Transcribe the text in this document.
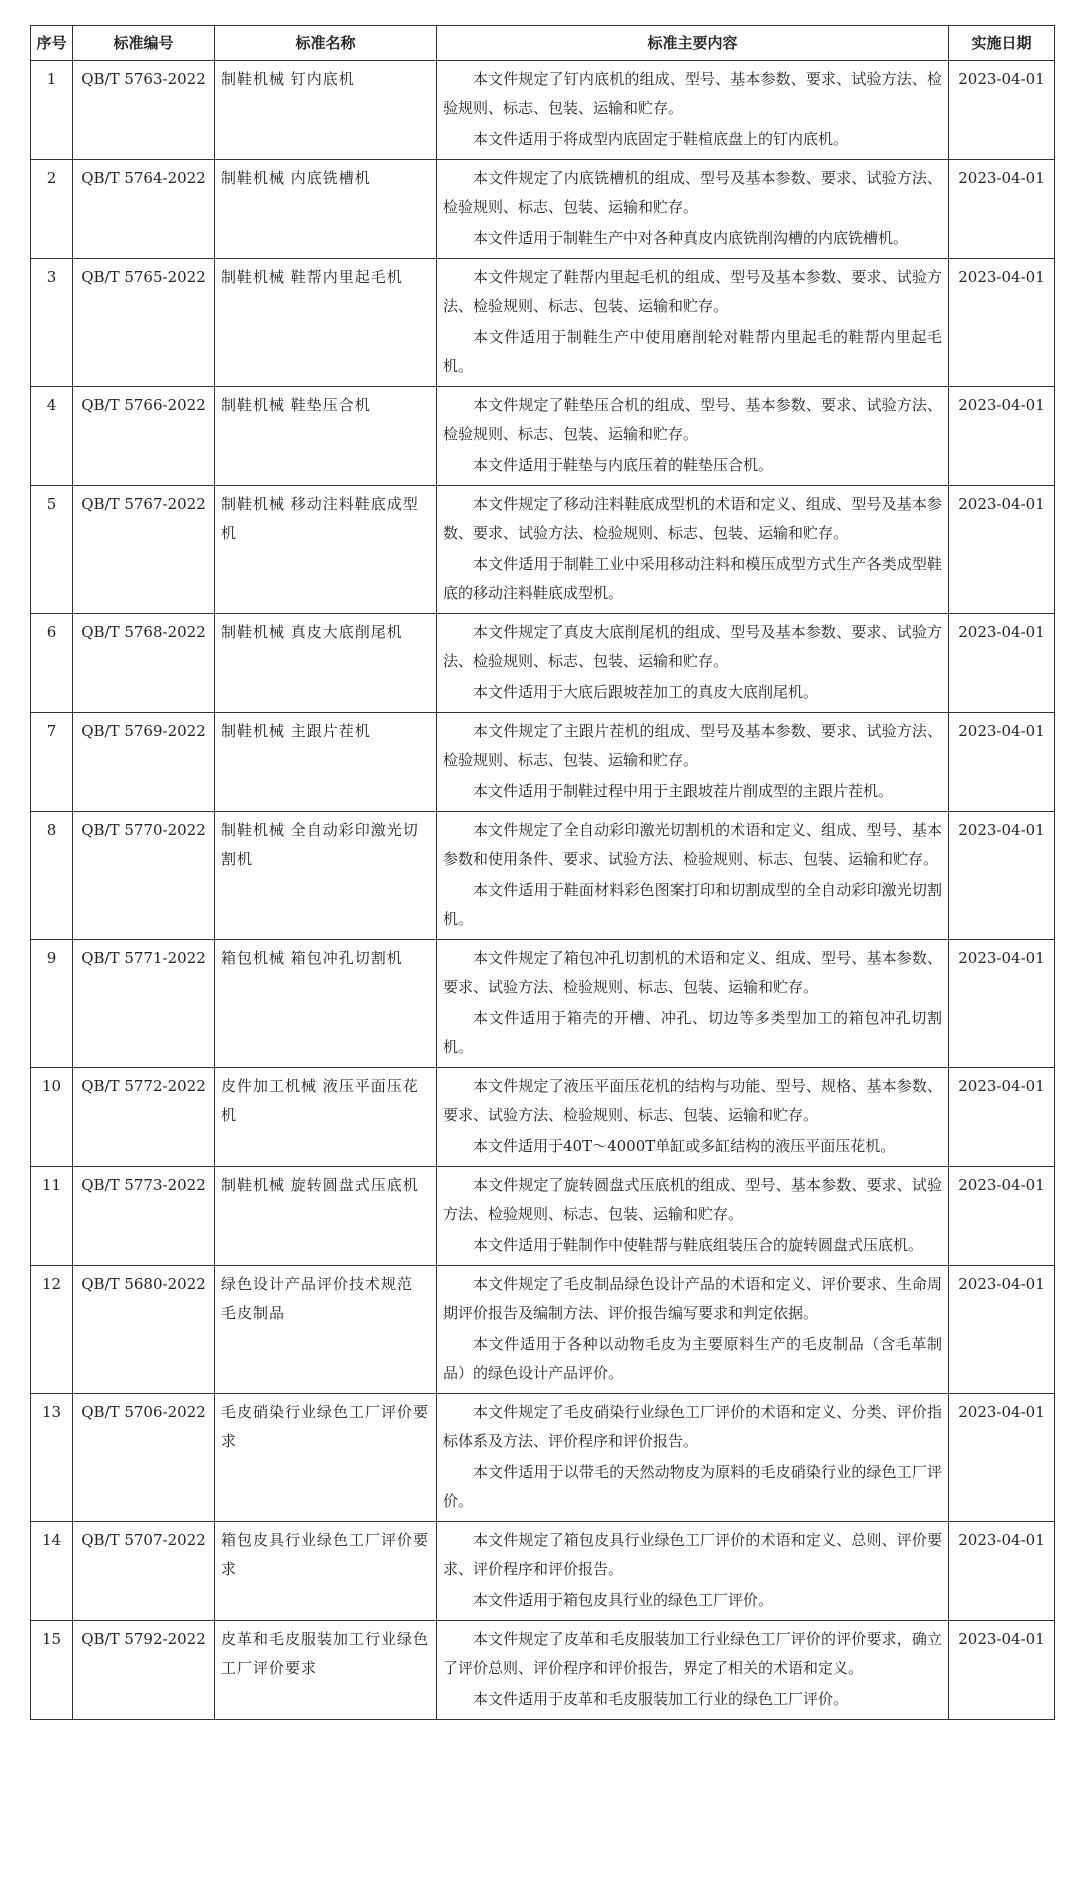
序号	标准编号	标准名称	标准主要内容	实施日期
1	QB/T 5763-2022	制鞋机械 钉内底机	本文件规定了钉内底机的组成、型号、基本参数、要求、试验方法、检验规则、标志、包装、运输和贮存。
本文件适用于将成型内底固定于鞋楦底盘上的钉内底机。	2023-04-01
2	QB/T 5764-2022	制鞋机械 内底铣槽机	本文件规定了内底铣槽机的组成、型号及基本参数、要求、试验方法、检验规则、标志、包装、运输和贮存。
本文件适用于制鞋生产中对各种真皮内底铣削沟槽的内底铣槽机。	2023-04-01
3	QB/T 5765-2022	制鞋机械 鞋帮内里起毛机	本文件规定了鞋帮内里起毛机的组成、型号及基本参数、要求、试验方法、检验规则、标志、包装、运输和贮存。
本文件适用于制鞋生产中使用磨削轮对鞋帮内里起毛的鞋帮内里起毛机。	2023-04-01
4	QB/T 5766-2022	制鞋机械 鞋垫压合机	本文件规定了鞋垫压合机的组成、型号、基本参数、要求、试验方法、检验规则、标志、包装、运输和贮存。
本文件适用于鞋垫与内底压着的鞋垫压合机。	2023-04-01
5	QB/T 5767-2022	制鞋机械 移动注料鞋底成型机	本文件规定了移动注料鞋底成型机的术语和定义、组成、型号及基本参数、要求、试验方法、检验规则、标志、包装、运输和贮存。
本文件适用于制鞋工业中采用移动注料和模压成型方式生产各类成型鞋底的移动注料鞋底成型机。	2023-04-01
6	QB/T 5768-2022	制鞋机械 真皮大底削尾机	本文件规定了真皮大底削尾机的组成、型号及基本参数、要求、试验方法、检验规则、标志、包装、运输和贮存。
本文件适用于大底后跟坡茬加工的真皮大底削尾机。	2023-04-01
7	QB/T 5769-2022	制鞋机械 主跟片茬机	本文件规定了主跟片茬机的组成、型号及基本参数、要求、试验方法、检验规则、标志、包装、运输和贮存。
本文件适用于制鞋过程中用于主跟坡茬片削成型的主跟片茬机。	2023-04-01
8	QB/T 5770-2022	制鞋机械 全自动彩印激光切割机	本文件规定了全自动彩印激光切割机的术语和定义、组成、型号、基本参数和使用条件、要求、试验方法、检验规则、标志、包装、运输和贮存。
本文件适用于鞋面材料彩色图案打印和切割成型的全自动彩印激光切割机。	2023-04-01
9	QB/T 5771-2022	箱包机械 箱包冲孔切割机	本文件规定了箱包冲孔切割机的术语和定义、组成、型号、基本参数、要求、试验方法、检验规则、标志、包装、运输和贮存。
本文件适用于箱壳的开槽、冲孔、切边等多类型加工的箱包冲孔切割机。	2023-04-01
10	QB/T 5772-2022	皮件加工机械 液压平面压花机	本文件规定了液压平面压花机的结构与功能、型号、规格、基本参数、要求、试验方法、检验规则、标志、包装、运输和贮存。
本文件适用于40T～4000T单缸或多缸结构的液压平面压花机。	2023-04-01
11	QB/T 5773-2022	制鞋机械 旋转圆盘式压底机	本文件规定了旋转圆盘式压底机的组成、型号、基本参数、要求、试验方法、检验规则、标志、包装、运输和贮存。
本文件适用于鞋制作中使鞋帮与鞋底组装压合的旋转圆盘式压底机。	2023-04-01
12	QB/T 5680-2022	绿色设计产品评价技术规范 毛皮制品	本文件规定了毛皮制品绿色设计产品的术语和定义、评价要求、生命周期评价报告及编制方法、评价报告编写要求和判定依据。
本文件适用于各种以动物毛皮为主要原料生产的毛皮制品（含毛革制品）的绿色设计产品评价。	2023-04-01
13	QB/T 5706-2022	毛皮硝染行业绿色工厂评价要求	本文件规定了毛皮硝染行业绿色工厂评价的术语和定义、分类、评价指标体系及方法、评价程序和评价报告。
本文件适用于以带毛的天然动物皮为原料的毛皮硝染行业的绿色工厂评价。	2023-04-01
14	QB/T 5707-2022	箱包皮具行业绿色工厂评价要求	本文件规定了箱包皮具行业绿色工厂评价的术语和定义、总则、评价要求、评价程序和评价报告。
本文件适用于箱包皮具行业的绿色工厂评价。	2023-04-01
15	QB/T 5792-2022	皮革和毛皮服装加工行业绿色工厂评价要求	本文件规定了皮革和毛皮服装加工行业绿色工厂评价的评价要求，确立了评价总则、评价程序和评价报告，界定了相关的术语和定义。
本文件适用于皮革和毛皮服装加工行业的绿色工厂评价。	2023-04-01
